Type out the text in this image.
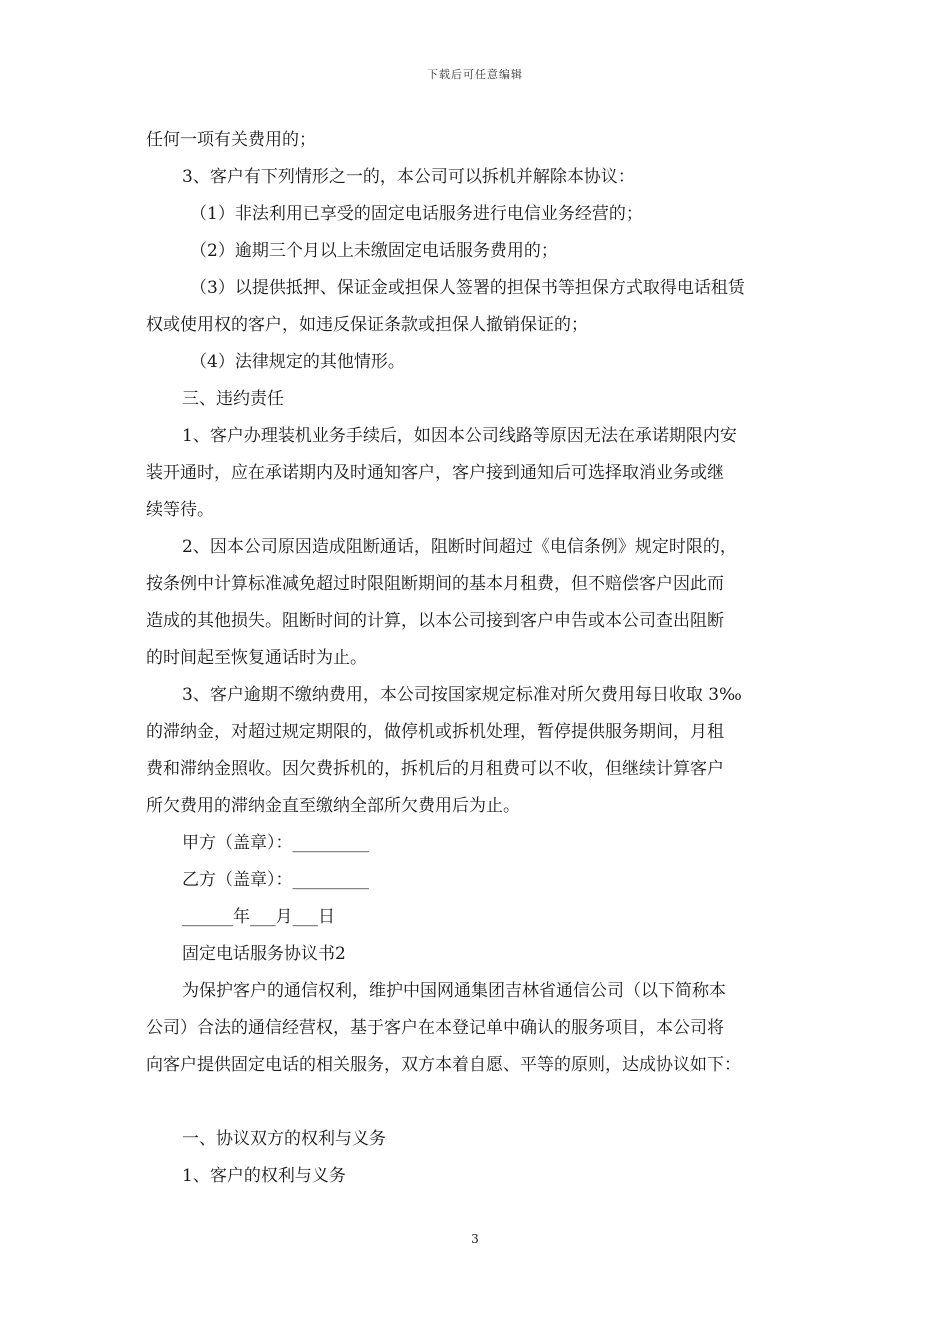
下载后可任意编辑
任何一项有关费用的；
3、客户有下列情形之一的，本公司可以拆机并解除本协议：
（1）非法利用已享受的固定电话服务进行电信业务经营的；
（2）逾期三个月以上未缴固定电话服务费用的；
（3）以提供抵押、保证金或担保人签署的担保书等担保方式取得电话租赁
权或使用权的客户，如违反保证条款或担保人撤销保证的；
（4）法律规定的其他情形。
三、违约责任
1、客户办理装机业务手续后，如因本公司线路等原因无法在承诺期限内安
装开通时，应在承诺期内及时通知客户，客户接到通知后可选择取消业务或继
续等待。
2、因本公司原因造成阻断通话，阻断时间超过《电信条例》规定时限的，
按条例中计算标准减免超过时限阻断期间的基本月租费，但不赔偿客户因此而
造成的其他损失。阻断时间的计算，以本公司接到客户申告或本公司查出阻断
的时间起至恢复通话时为止。
3、客户逾期不缴纳费用，本公司按国家规定标准对所欠费用每日收取 3‰
的滞纳金，对超过规定期限的，做停机或拆机处理，暂停提供服务期间，月租
费和滞纳金照收。因欠费拆机的，拆机后的月租费可以不收，但继续计算客户
所欠费用的滞纳金直至缴纳全部所欠费用后为止。
甲方（盖章）：_________
乙方（盖章）：_________
______年___月___日
固定电话服务协议书2
为保护客户的通信权利，维护中国网通集团吉林省通信公司（以下简称本
公司）合法的通信经营权，基于客户在本登记单中确认的服务项目，本公司将
向客户提供固定电话的相关服务，双方本着自愿、平等的原则，达成协议如下：
一、协议双方的权利与义务
1、客户的权利与义务
3
